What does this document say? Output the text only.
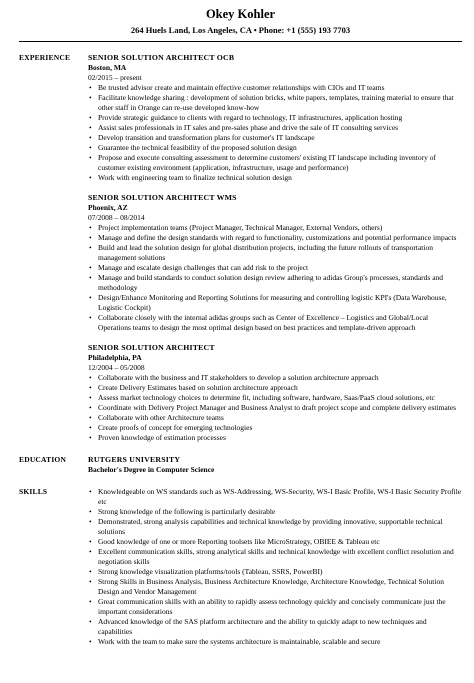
Okey Kohler
264 Huels Land, Los Angeles, CA • Phone: +1 (555) 193 7703
EXPERIENCE	SENIOR SOLUTION ARCHITECT OCB
Boston, MA
02/2015 – present
• Be trusted advisor create and maintain effective customer relationships with CIOs and IT teams
• Facilitate knowledge sharing : development of solution bricks, white papers, templates, training material to ensure that other staff in Orange can re-use developed know-how
• Provide strategic guidance to clients with regard to technology, IT infrastructures, application hosting
• Assist sales professionals in IT sales and pre-sales phase and drive the sale of IT consulting services
• Develop transition and transformation plans for customer's IT landscape
• Guarantee the technical feasibility of the proposed solution design
• Propose and execute consulting assessment to determine customers' existing IT landscape including inventory of customer existing environment (application, infrastructure, usage and performance)
• Work with engineering team to finalize technical solution design
SENIOR SOLUTION ARCHITECT WMS
Phoenix, AZ
07/2008 – 08/2014
• Project implementation teams (Project Manager, Technical Manager, External Vendors, others)
• Manage and define the design standards with regard to functionality, customizations and potential performance impacts
• Build and lead the solution design for global distribution projects, including the future rollouts of transportation management solutions
• Manage and escalate design challenges that can add risk to the project
• Manage and build standards to conduct solution design review adhering to adidas Group's processes, standards and methodology
• Design/Enhance Monitoring and Reporting Solutions for measuring and controlling logistic KPI's (Data Warehouse, Logistic Cockpit)
• Collaborate closely with the internal adidas groups such as Center of Excellence – Logistics and Global/Local Operations teams to design the most optimal design based on best practices and template-driven approach
SENIOR SOLUTION ARCHITECT
Philadelphia, PA
12/2004 – 05/2008
• Collaborate with the business and IT stakeholders to develop a solution architecture approach
• Create Delivery Estimates based on solution architecture approach
• Assess market technology choices to determine fit, including software, hardware, Saas/PaaS cloud solutions, etc
• Coordinate with Delivery Project Manager and Business Analyst to draft project scope and complete delivery estimates
• Collaborate with other Architecture teams
• Create proofs of concept for emerging technologies
• Proven knowledge of estimation processes
EDUCATION	RUTGERS UNIVERSITY
Bachelor's Degree in Computer Science
SKILLS
•	Knowledgeable on WS standards such as WS-Addressing, WS-Security, WS-I Basic Profile, WS-I Basic Security Profile etc
• Strong knowledge of the following is particularly desirable
• Demonstrated, strong analysis capabilities and technical knowledge by providing innovative, supportable technical solutions
• Good knowledge of one or more Reporting toolsets like MicroStrategy, OBIEE & Tableau etc
• Excellent communication skills, strong analytical skills and technical knowledge with excellent conflict resolution and negotiation skills
• Strong knowledge visualization platforms/tools (Tableau, SSRS, PowerBI)
• Strong Skills in Business Analysis, Business Architecture Knowledge, Architecture Knowledge, Technical Solution Design and Vendor Management
• Great communication skills with an ability to rapidly assess technology quickly and concisely communicate just the important considerations
• Advanced knowledge of the SAS platform architecture and the ability to quickly adapt to new techniques and capabilities
• Work with the team to make sure the systems architecture is maintainable, scalable and secure
